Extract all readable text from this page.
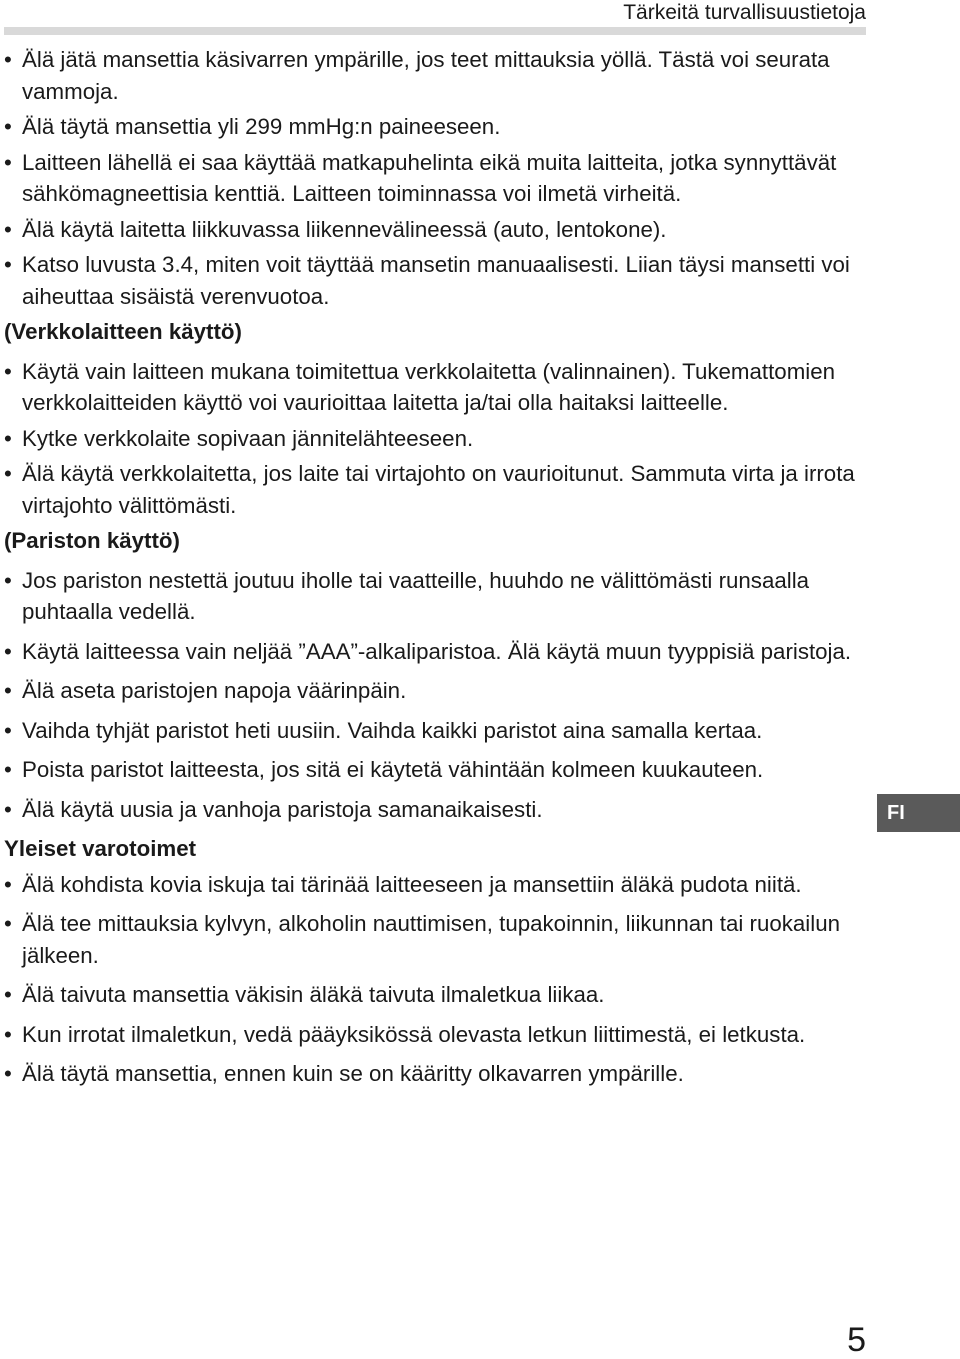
Tärkeitä turvallisuustietoja
• Älä jätä mansettia käsivarren ympärille, jos teet mittauksia yöllä. Tästä voi seurata vammoja.
• Älä täytä mansettia yli 299 mmHg:n paineeseen.
• Laitteen lähellä ei saa käyttää matkapuhelinta eikä muita laitteita, jotka synnyttävät sähkömagneettisia kenttiä. Laitteen toiminnassa voi ilmetä virheitä.
• Älä käytä laitetta liikkuvassa liikennevälineessä (auto, lentokone).
• Katso luvusta 3.4, miten voit täyttää mansetin manuaalisesti. Liian täysi mansetti voi aiheuttaa sisäistä verenvuotoa.
(Verkkolaitteen käyttö)
• Käytä vain laitteen mukana toimitettua verkkolaitetta (valinnainen). Tukemattomien verkkolaitteiden käyttö voi vaurioittaa laitetta ja/tai olla haitaksi laitteelle.
• Kytke verkkolaite sopivaan jännitelähteeseen.
• Älä käytä verkkolaitetta, jos laite tai virtajohto on vaurioitunut. Sammuta virta ja irrota virtajohto välittömästi.
(Pariston käyttö)
• Jos pariston nestettä joutuu iholle tai vaatteille, huuhdo ne välittömästi runsaalla puhtaalla vedellä.
• Käytä laitteessa vain neljää ”AAA”-alkaliparistoa. Älä käytä muun tyyppisiä paristoja.
• Älä aseta paristojen napoja väärinpäin.
• Vaihda tyhjät paristot heti uusiin. Vaihda kaikki paristot aina samalla kertaa.
• Poista paristot laitteesta, jos sitä ei käytetä vähintään kolmeen kuukauteen.
• Älä käytä uusia ja vanhoja paristoja samanaikaisesti.
Yleiset varotoimet
• Älä kohdista kovia iskuja tai tärinää laitteeseen ja mansettiin äläkä pudota niitä.
• Älä tee mittauksia kylvyn, alkoholin nauttimisen, tupakoinnin, liikunnan tai ruokailun jälkeen.
• Älä taivuta mansettia väkisin äläkä taivuta ilmaletkua liikaa.
• Kun irrotat ilmaletkun, vedä pääyksikössä olevasta letkun liittimestä, ei letkusta.
• Älä täytä mansettia, ennen kuin se on kääritty olkavarren ympärille.
FI
5
